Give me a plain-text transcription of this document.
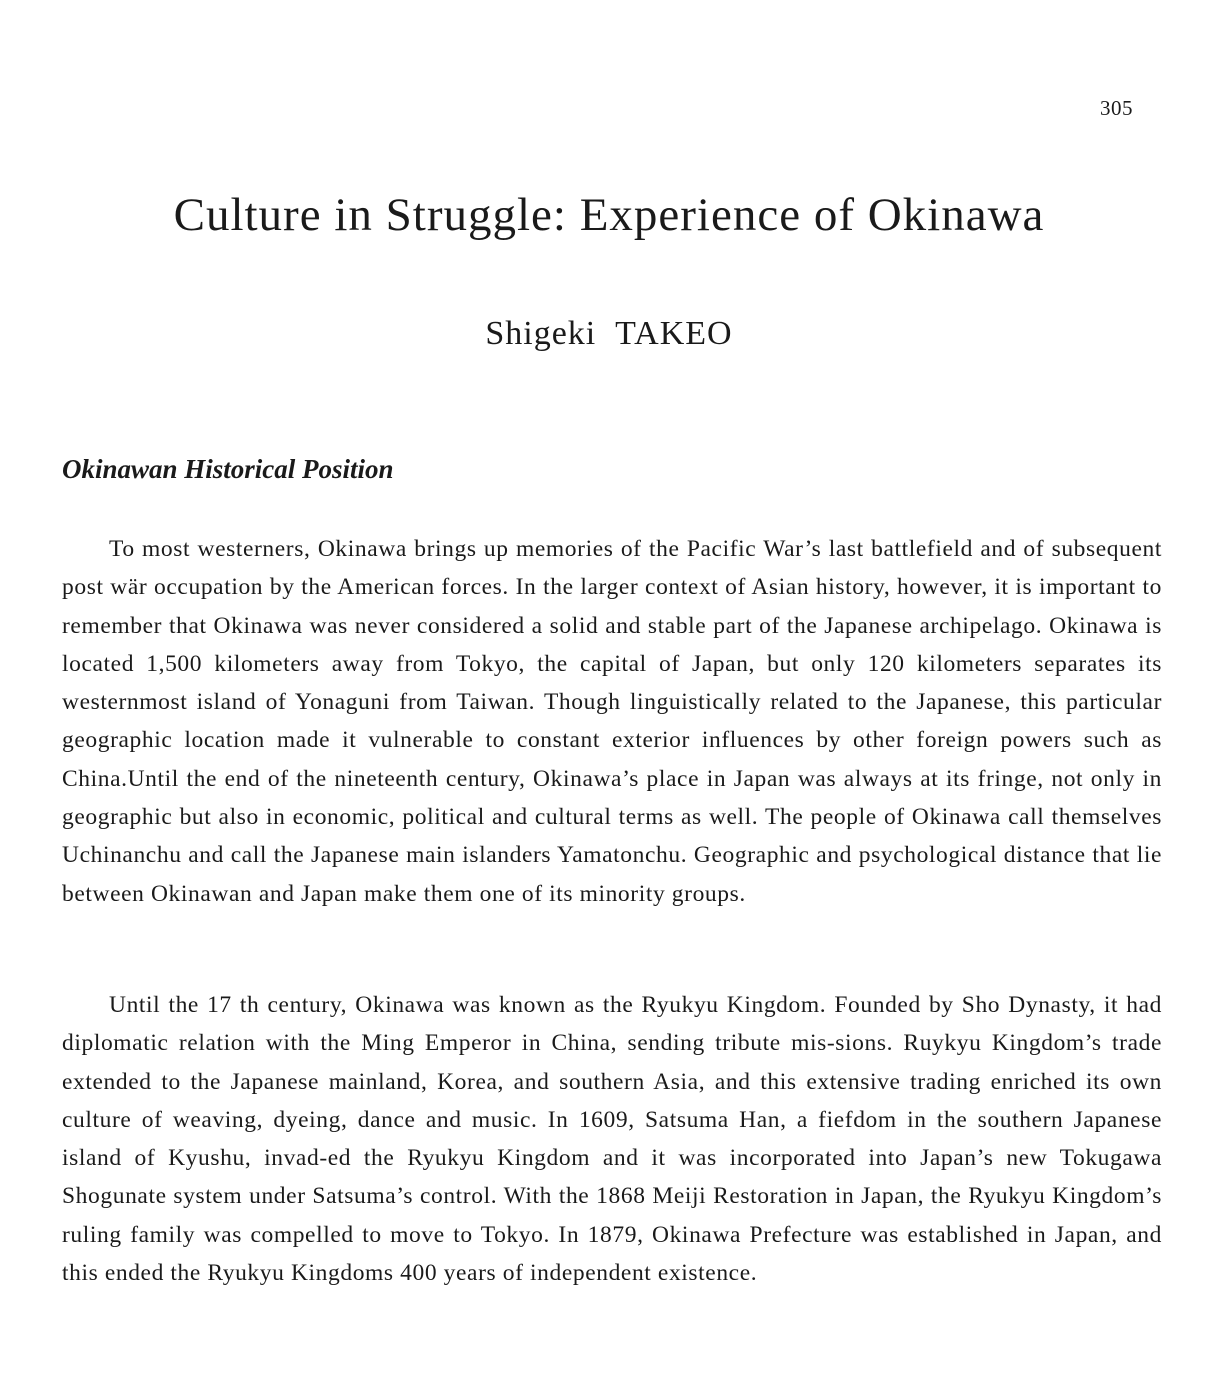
305
Culture in Struggle: Experience of Okinawa
Shigeki TAKEO
Okinawan Historical Position

To most westerners, Okinawa brings up memories of the Pacific War’s last battlefield and of subsequent post wär occupation by the American forces. In the larger context of Asian history, however, it is important to remember that Okinawa was never considered a solid and stable part of the Japanese archipelago. Okinawa is located 1,500 kilometers away from Tokyo, the capital of Japan, but only 120 kilometers separates its westernmost island of Yonaguni from Taiwan. Though linguistically related to the Japanese, this particular geographic location made it vulnerable to constant exterior influences by other foreign powers such as China.Until the end of the nineteenth century, Okinawa’s place in Japan was always at its fringe, not only in geographic but also in economic, political and cultural terms as well. The people of Okinawa call themselves Uchinanchu and call the Japanese main islanders Yamatonchu. Geographic and psychological distance that lie between Okinawan and Japan make them one of its minority groups.

Until the 17 th century, Okinawa was known as the Ryukyu Kingdom. Founded by Sho Dynasty, it had diplomatic relation with the Ming Emperor in China, sending tribute mis-sions. Ruykyu Kingdom’s trade extended to the Japanese mainland, Korea, and southern Asia, and this extensive trading enriched its own culture of weaving, dyeing, dance and music. In 1609, Satsuma Han, a fiefdom in the southern Japanese island of Kyushu, invad-ed the Ryukyu Kingdom and it was incorporated into Japan’s new Tokugawa Shogunate system under Satsuma’s control. With the 1868 Meiji Restoration in Japan, the Ryukyu Kingdom’s ruling family was compelled to move to Tokyo. In 1879, Okinawa Prefecture was established in Japan, and this ended the Ryukyu Kingdoms 400 years of independent existence.
